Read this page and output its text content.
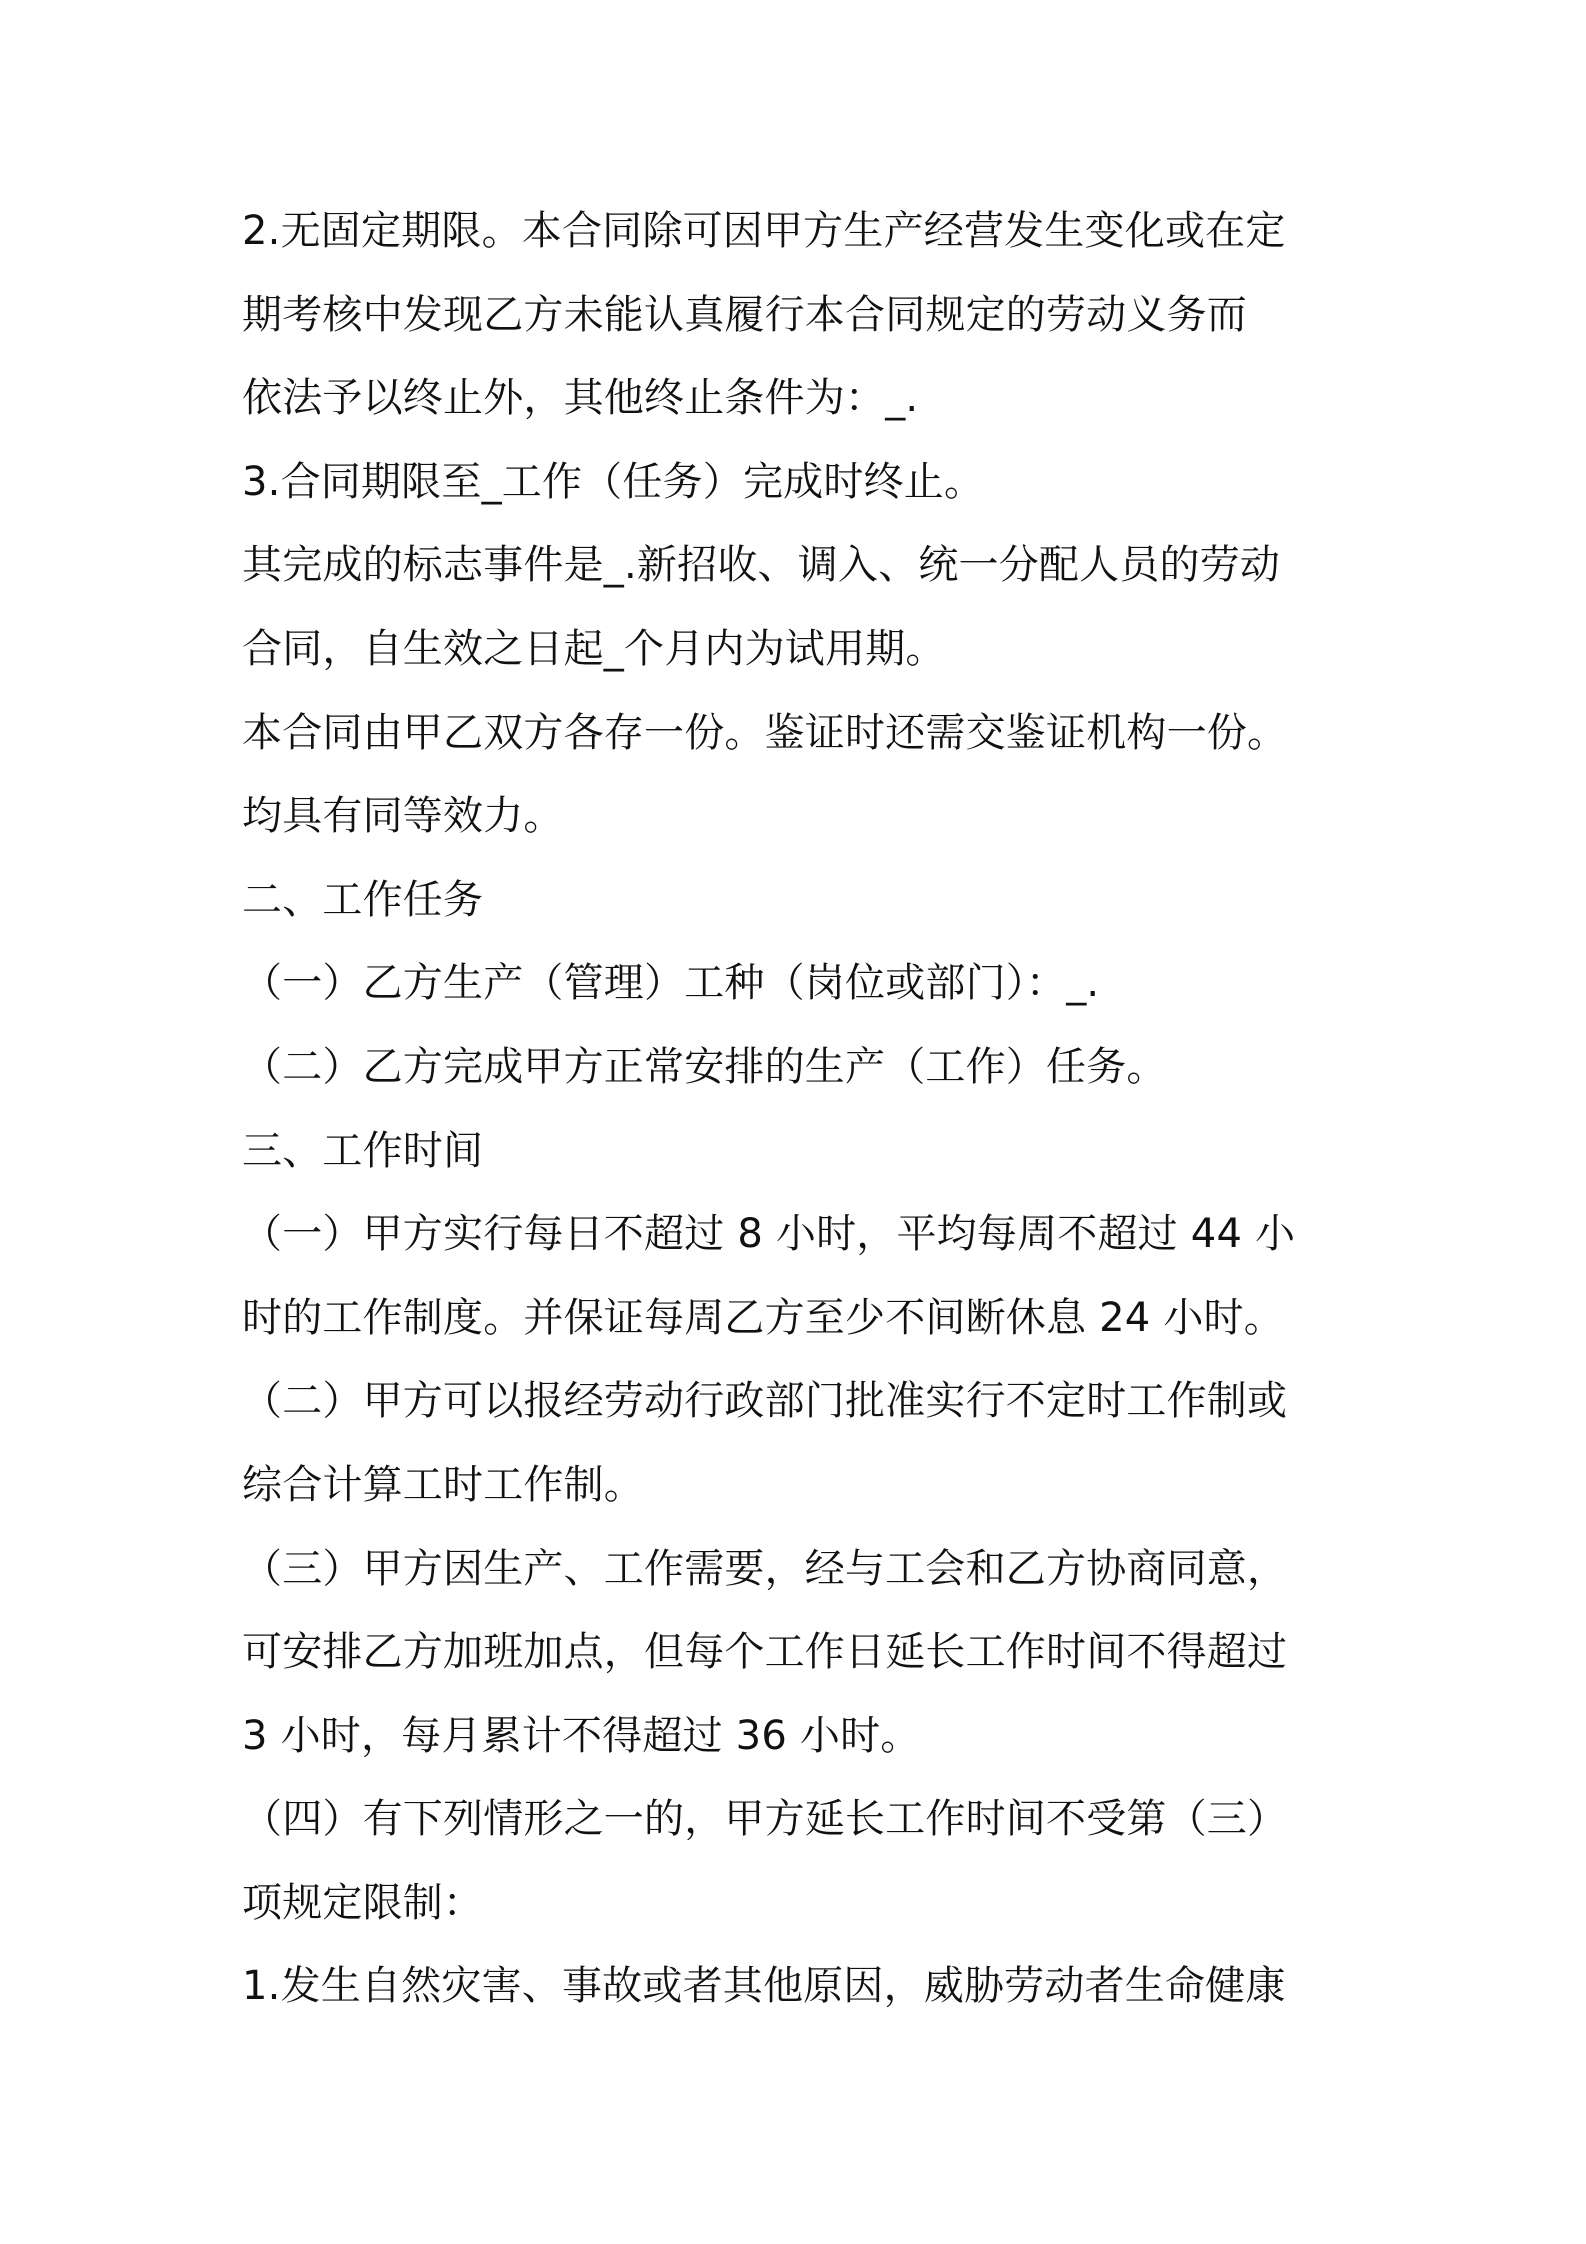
2.无固定期限。本合同除可因甲方生产经营发生变化或在定
期考核中发现乙方未能认真履行本合同规定的劳动义务而
依法予以终止外，其他终止条件为：_.
3.合同期限至_工作（任务）完成时终止。
其完成的标志事件是_.新招收、调入、统一分配人员的劳动
合同，自生效之日起_个月内为试用期。
本合同由甲乙双方各存一份。鉴证时还需交鉴证机构一份。
均具有同等效力。
二、工作任务
（一）乙方生产（管理）工种（岗位或部门）：_.
（二）乙方完成甲方正常安排的生产（工作）任务。
三、工作时间
（一）甲方实行每日不超过 8 小时，平均每周不超过 44 小
时的工作制度。并保证每周乙方至少不间断休息 24 小时。
（二）甲方可以报经劳动行政部门批准实行不定时工作制或
综合计算工时工作制。
（三）甲方因生产、工作需要，经与工会和乙方协商同意，
可安排乙方加班加点，但每个工作日延长工作时间不得超过
3 小时，每月累计不得超过 36 小时。
（四）有下列情形之一的，甲方延长工作时间不受第（三）
项规定限制：
1.发生自然灾害、事故或者其他原因，威胁劳动者生命健康
